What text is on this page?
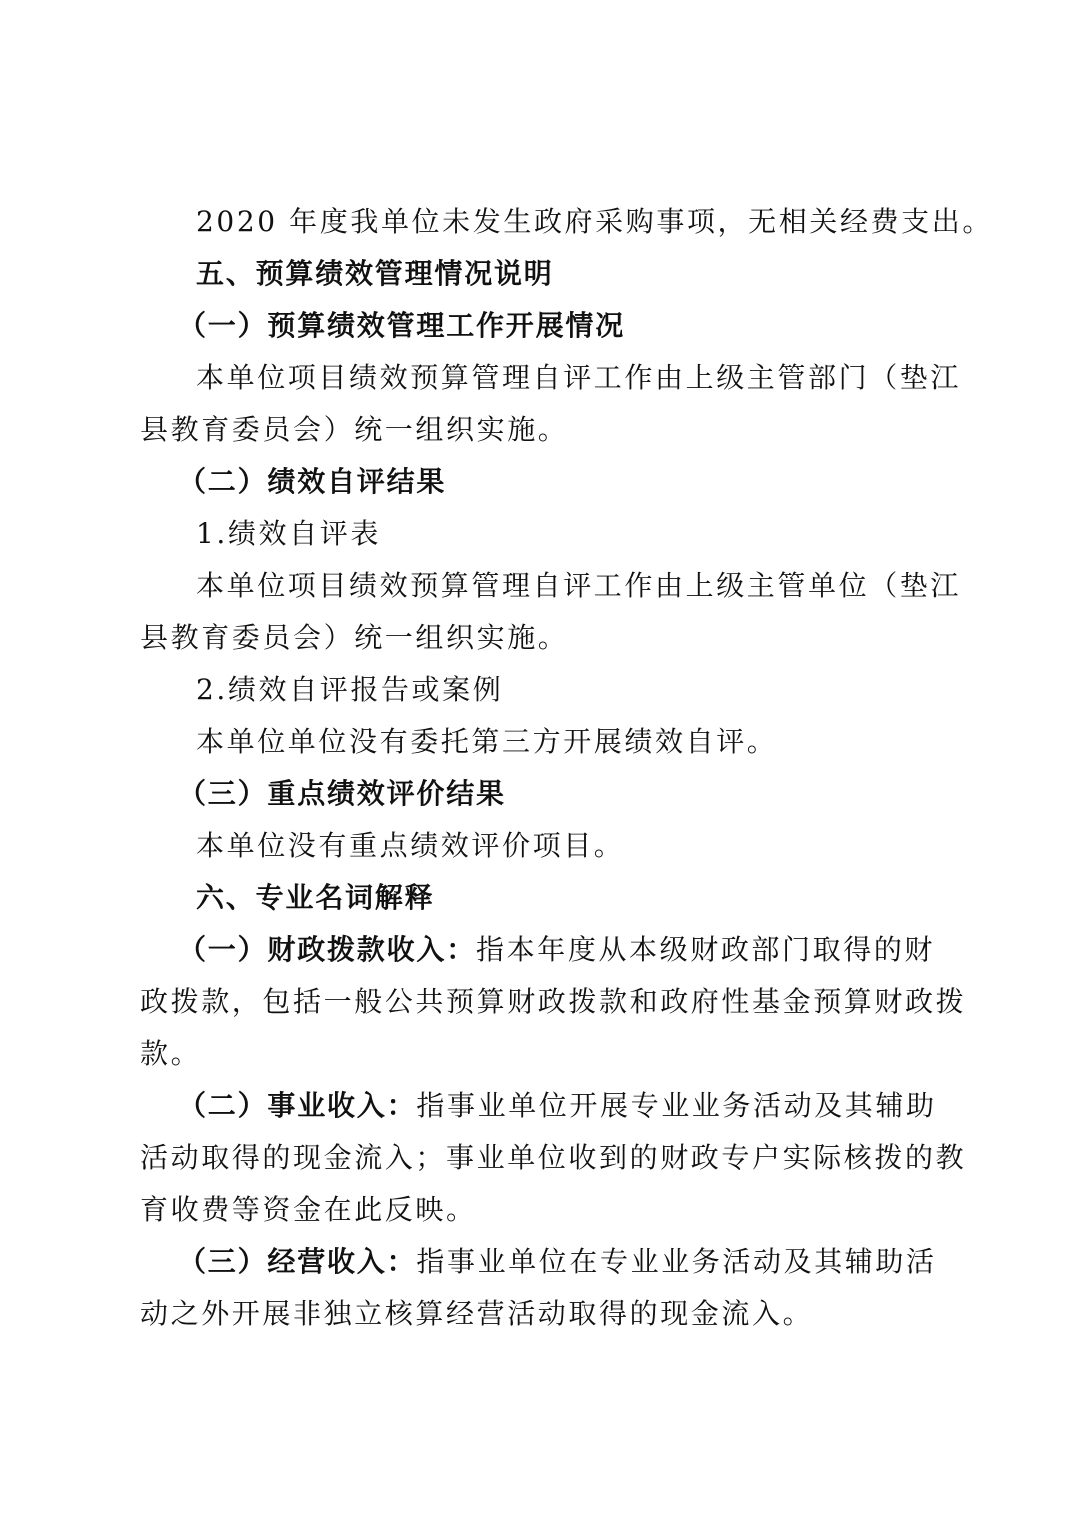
2020 年度我单位未发生政府采购事项，无相关经费支出。
五、预算绩效管理情况说明
（一）预算绩效管理工作开展情况
本单位项目绩效预算管理自评工作由上级主管部门（垫江
县教育委员会）统一组织实施。
（二）绩效自评结果
1.绩效自评表
本单位项目绩效预算管理自评工作由上级主管单位（垫江
县教育委员会）统一组织实施。
2.绩效自评报告或案例
本单位单位没有委托第三方开展绩效自评。
（三）重点绩效评价结果
本单位没有重点绩效评价项目。
六、专业名词解释
（一）财政拨款收入：指本年度从本级财政部门取得的财
政拨款，包括一般公共预算财政拨款和政府性基金预算财政拨
款。
（二）事业收入：指事业单位开展专业业务活动及其辅助
活动取得的现金流入；事业单位收到的财政专户实际核拨的教
育收费等资金在此反映。
（三）经营收入：指事业单位在专业业务活动及其辅助活
动之外开展非独立核算经营活动取得的现金流入。
